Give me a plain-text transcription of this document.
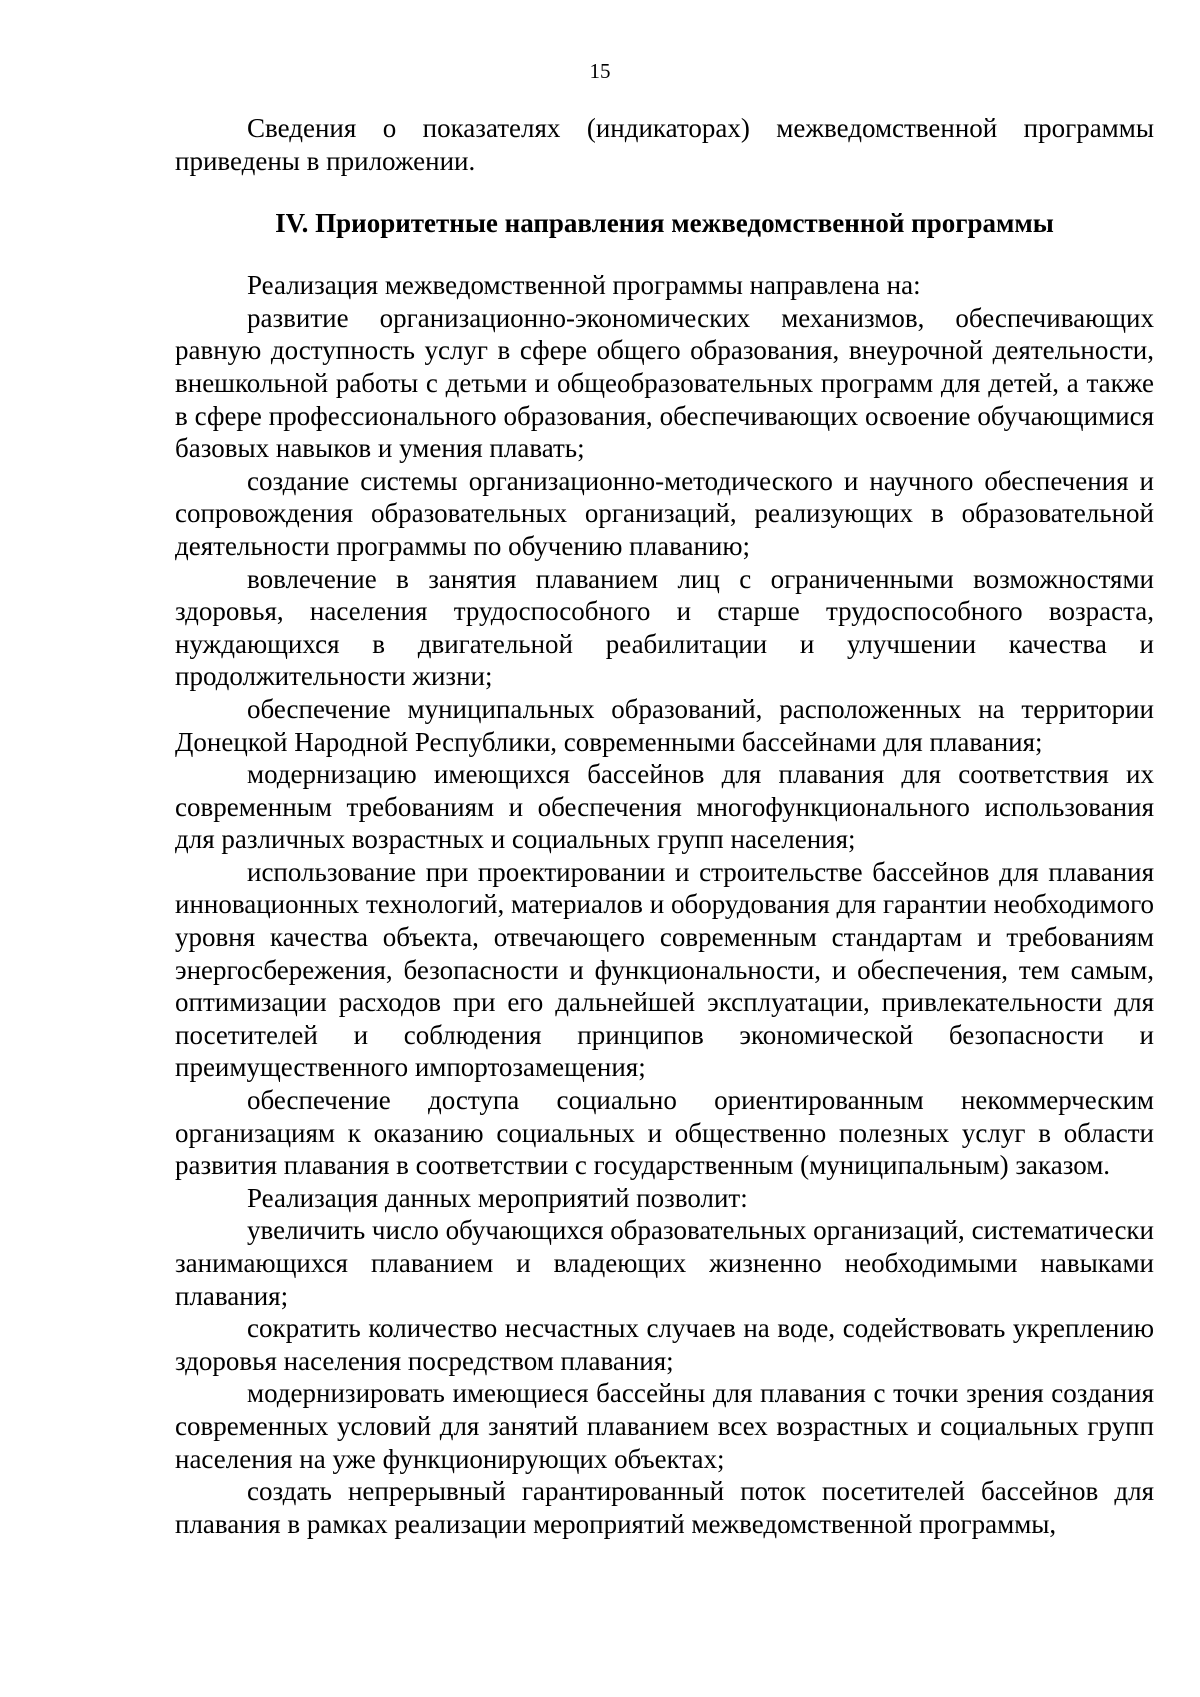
15

Сведения о показателях (индикаторах) межведомственной программы приведены в приложении.

IV. Приоритетные направления межведомственной программы

Реализация межведомственной программы направлена на:

развитие организационно-экономических механизмов, обеспечивающих равную доступность услуг в сфере общего образования, внеурочной деятельности, внешкольной работы с детьми и общеобразовательных программ для детей, а также в сфере профессионального образования, обеспечивающих освоение обучающимися базовых навыков и умения плавать;

создание системы организационно-методического и научного обеспечения и сопровождения образовательных организаций, реализующих в образовательной деятельности программы по обучению плаванию;

вовлечение в занятия плаванием лиц с ограниченными возможностями здоровья, населения трудоспособного и старше трудоспособного возраста, нуждающихся в двигательной реабилитации и улучшении качества и продолжительности жизни;

обеспечение муниципальных образований, расположенных на территории Донецкой Народной Республики, современными бассейнами для плавания;

модернизацию имеющихся бассейнов для плавания для соответствия их современным требованиям и обеспечения многофункционального использования для различных возрастных и социальных групп населения;

использование при проектировании и строительстве бассейнов для плавания инновационных технологий, материалов и оборудования для гарантии необходимого уровня качества объекта, отвечающего современным стандартам и требованиям энергосбережения, безопасности и функциональности, и обеспечения, тем самым, оптимизации расходов при его дальнейшей эксплуатации, привлекательности для посетителей и соблюдения принципов экономической безопасности и преимущественного импортозамещения;

обеспечение доступа социально ориентированным некоммерческим организациям к оказанию социальных и общественно полезных услуг в области развития плавания в соответствии с государственным (муниципальным) заказом.

Реализация данных мероприятий позволит:

увеличить число обучающихся образовательных организаций, систематически занимающихся плаванием и владеющих жизненно необходимыми навыками плавания;

сократить количество несчастных случаев на воде, содействовать укреплению здоровья населения посредством плавания;

модернизировать имеющиеся бассейны для плавания с точки зрения создания современных условий для занятий плаванием всех возрастных и социальных групп населения на уже функционирующих объектах;

создать непрерывный гарантированный поток посетителей бассейнов для плавания в рамках реализации мероприятий межведомственной программы,
